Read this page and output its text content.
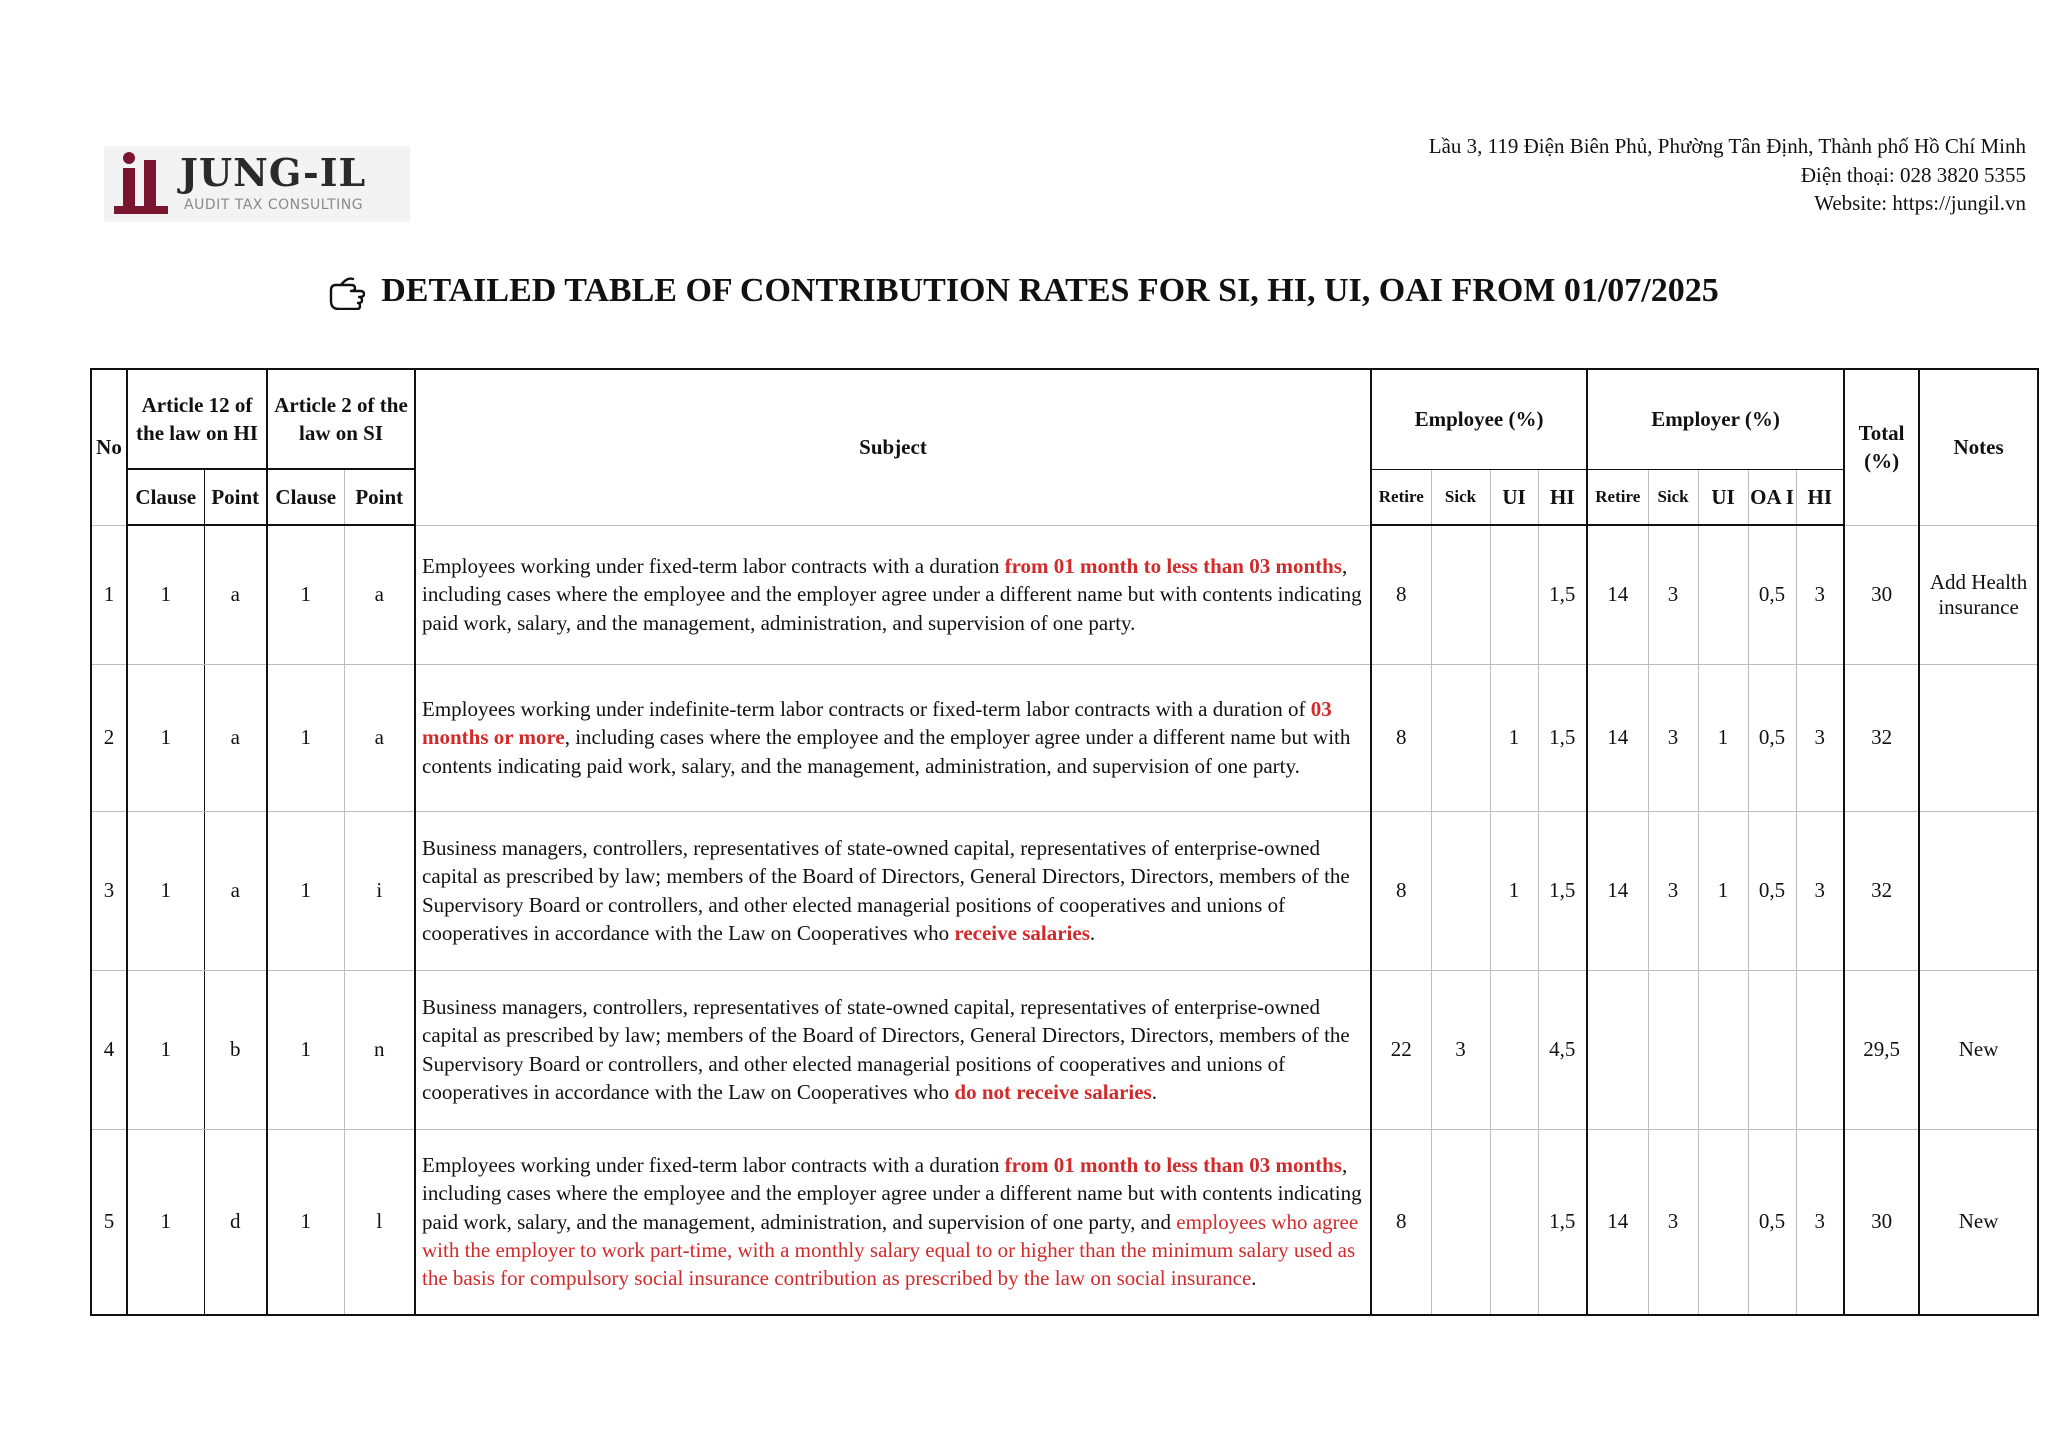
JUNG-IL
AUDIT TAX CONSULTING
Lầu 3, 119 Điện Biên Phủ, Phường Tân Định, Thành phố Hồ Chí Minh
Điện thoại: 028 3820 5355
Website: https://jungil.vn
DETAILED TABLE OF CONTRIBUTION RATES FOR SI, HI, UI, OAI FROM 01/07/2025
No	Article 12 of the law on HI		Article 2 of the law on SI		Subject	Employee (%)				Employer (%)					Total (%)	Notes
	Clause	Point	Clause	Point		Retire	Sick	UI	HI	Retire	Sick	UI	OA I	HI		
1	1	a	1	a	Employees working under fixed-term labor contracts with a duration from 01 month to less than 03 months, including cases where the employee and the employer agree under a different name but with contents indicating paid work, salary, and the management, administration, and supervision of one party.	8			1,5	14	3		0,5	3	30	Add Health insurance
2	1	a	1	a	Employees working under indefinite-term labor contracts or fixed-term labor contracts with a duration of 03 months or more, including cases where the employee and the employer agree under a different name but with contents indicating paid work, salary, and the management, administration, and supervision of one party.	8		1	1,5	14	3	1	0,5	3	32	
3	1	a	1	i	Business managers, controllers, representatives of state-owned capital, representatives of enterprise-owned capital as prescribed by law; members of the Board of Directors, General Directors, Directors, members of the Supervisory Board or controllers, and other elected managerial positions of cooperatives and unions of cooperatives in accordance with the Law on Cooperatives who receive salaries.	8		1	1,5	14	3	1	0,5	3	32	
4	1	b	1	n	Business managers, controllers, representatives of state-owned capital, representatives of enterprise-owned capital as prescribed by law; members of the Board of Directors, General Directors, Directors, members of the Supervisory Board or controllers, and other elected managerial positions of cooperatives and unions of cooperatives in accordance with the Law on Cooperatives who do not receive salaries.	22	3		4,5						29,5	New
5	1	d	1	l	Employees working under fixed-term labor contracts with a duration from 01 month to less than 03 months, including cases where the employee and the employer agree under a different name but with contents indicating paid work, salary, and the management, administration, and supervision of one party, and employees who agree with the employer to work part-time, with a monthly salary equal to or higher than the minimum salary used as the basis for compulsory social insurance contribution as prescribed by the law on social insurance.	8			1,5	14	3		0,5	3	30	New
